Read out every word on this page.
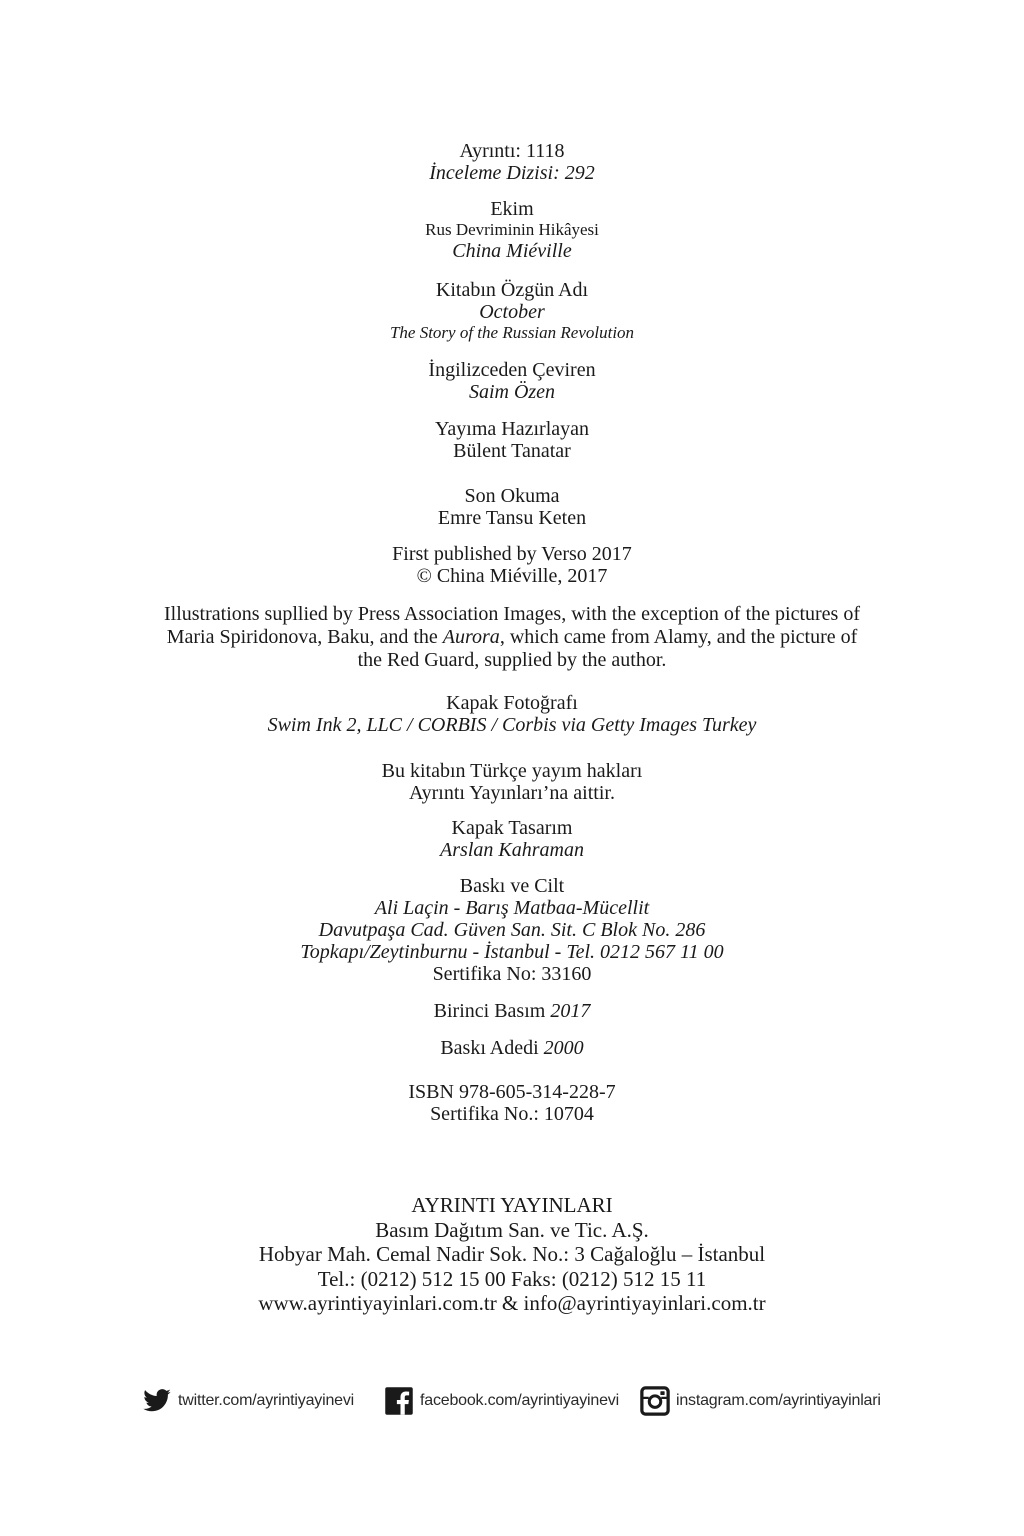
Ayrıntı: 1118
İnceleme Dizisi: 292
Ekim
Rus Devriminin Hikâyesi
China Miéville
Kitabın Özgün Adı
October
The Story of the Russian Revolution
İngilizceden Çeviren
Saim Özen
Yayıma Hazırlayan
Bülent Tanatar
Son Okuma
Emre Tansu Keten
First published by Verso 2017
© China Miéville, 2017
Illustrations supllied by Press Association Images, with the exception of the pictures of
Maria Spiridonova, Baku, and the Aurora, which came from Alamy, and the picture of
the Red Guard, supplied by the author.
Kapak Fotoğrafı
Swim Ink 2, LLC / CORBIS / Corbis via Getty Images Turkey
Bu kitabın Türkçe yayım hakları
Ayrıntı Yayınları’na aittir.
Kapak Tasarım
Arslan Kahraman
Baskı ve Cilt
Ali Laçin - Barış Matbaa-Mücellit
Davutpaşa Cad. Güven San. Sit. C Blok No. 286
Topkapı/Zeytinburnu - İstanbul - Tel. 0212 567 11 00
Sertifika No: 33160
Birinci Basım 2017
Baskı Adedi 2000
ISBN 978-605-314-228-7
Sertifika No.: 10704
AYRINTI YAYINLARI
Basım Dağıtım San. ve Tic. A.Ş.
Hobyar Mah. Cemal Nadir Sok. No.: 3 Cağaloğlu – İstanbul
Tel.: (0212) 512 15 00 Faks: (0212) 512 15 11
www.ayrintiyayinlari.com.tr & info@ayrintiyayinlari.com.tr
twitter.com/ayrintiyayinevi	facebook.com/ayrintiyayinevi	instagram.com/ayrintiyayinlari
